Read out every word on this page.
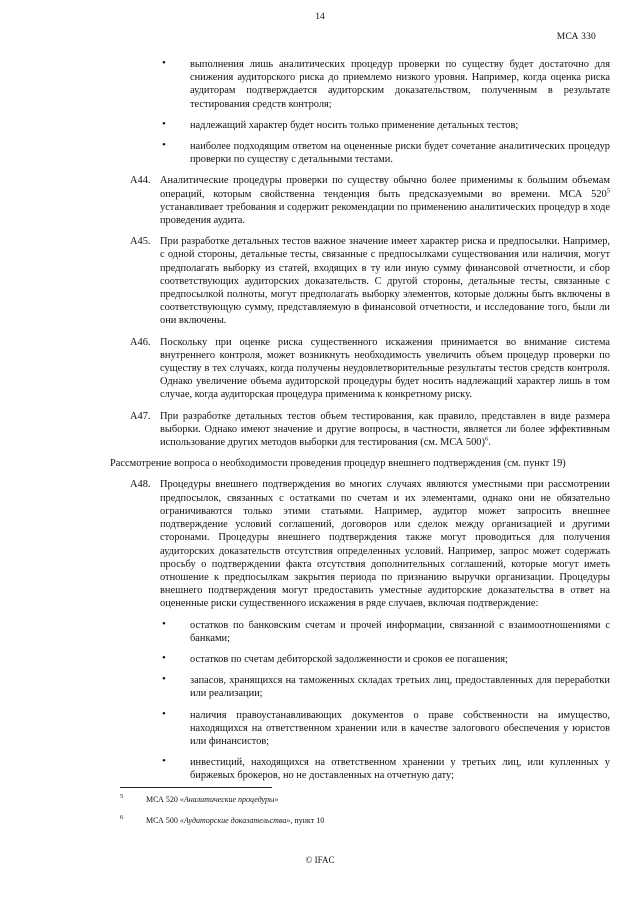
14
МСА 330
• выполнения лишь аналитических процедур проверки по существу будет достаточно для снижения аудиторского риска до приемлемо низкого уровня. Например, когда оценка риска аудиторам подтверждается аудиторским доказательством, полученным в результате тестирования средств контроля;
• надлежащий характер будет носить только применение детальных тестов;
• наиболее подходящим ответом на оцененные риски будет сочетание аналитических процедур проверки по существу с детальными тестами.
A44. Аналитические процедуры проверки по существу обычно более применимы к большим объемам операций, которым свойственна тенденция быть предсказуемыми во времени. МСА $520^5$ устанавливает требования и содержит рекомендации по применению аналитических процедур в ходе проведения аудита.
A45. При разработке детальных тестов важное значение имеет характер риска и предпосылки. Например, с одной стороны, детальные тесты, связанные с предпосылками существования или наличия, могут предполагать выборку из статей, входящих в ту или иную сумму финансовой отчетности, и сбор соответствующих аудиторских доказательств. С другой стороны, детальные тесты, связанные с предпосылкой полноты, могут предполагать выборку элементов, которые должны быть включены в соответствующую сумму, представляемую в финансовой отчетности, и исследование того, были ли они включены.
A46. Поскольку при оценке риска существенного искажения принимается во внимание система внутреннего контроля, может возникнуть необходимость увеличить объем процедур проверки по существу в тех случаях, когда получены неудовлетворительные результаты тестов средств контроля. Однако увеличение объема аудиторской процедуры будет носить надлежащий характер лишь в том случае, когда аудиторская процедура применима к конкретному риску.
A47. При разработке детальных тестов объем тестирования, как правило, представлен в виде размера выборки. Однако имеют значение и другие вопросы, в частности, является ли более эффективным использование других методов выборки для тестирования (см. МСА 500)$^6$.
Рассмотрение вопроса о необходимости проведения процедур внешнего подтверждения (см. пункт 19)
A48. Процедуры внешнего подтверждения во многих случаях являются уместными при рассмотрении предпосылок, связанных с остатками по счетам и их элементами, однако они не обязательно ограничиваются только этими статьями. Например, аудитор может запросить внешнее подтверждение условий соглашений, договоров или сделок между организацией и другими сторонами. Процедуры внешнего подтверждения также могут проводиться для получения аудиторских доказательств отсутствия определенных условий. Например, запрос может содержать просьбу о подтверждении факта отсутствия дополнительных соглашений, которые могут иметь отношение к предпосылкам закрытия периода по признанию выручки организации. Процедуры внешнего подтверждения могут предоставить уместные аудиторские доказательства в ответ на оцененные риски существенного искажения в ряде случаев, включая подтверждение:
• остатков по банковским счетам и прочей информации, связанной с взаимоотношениями с банками;
• остатков по счетам дебиторской задолженности и сроков ее погашения;
• запасов, хранящихся на таможенных складах третьих лиц, предоставленных для переработки или реализации;
• наличия правоустанавливающих документов о праве собственности на имущество, находящихся на ответственном хранении или в качестве залогового обеспечения у юристов или финансистов;
• инвестиций, находящихся на ответственном хранении у третьих лиц, или купленных у биржевых брокеров, но не доставленных на отчетную дату;
5	МСА 520 «Аналитические процедуры»
6	МСА 500 «Аудиторские доказательства», пункт 10
© IFAC
